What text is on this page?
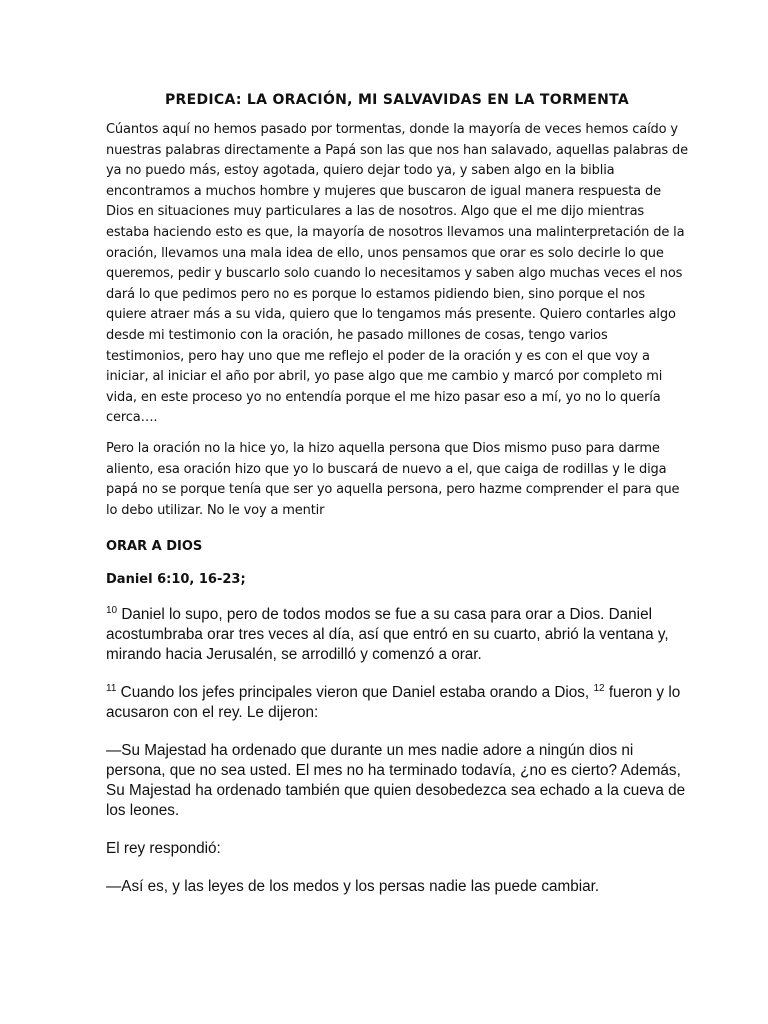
PREDICA: LA ORACIÓN, MI SALVAVIDAS EN LA TORMENTA

Cúantos aquí no hemos pasado por tormentas, donde la mayoría de veces hemos caído y nuestras palabras directamente a Papá son las que nos han salavado, aquellas palabras de ya no puedo más, estoy agotada, quiero dejar todo ya, y saben algo en la biblia encontramos a muchos hombre y mujeres que buscaron de igual manera respuesta de Dios en situaciones muy particulares a las de nosotros. Algo que el me dijo mientras estaba haciendo esto es que, la mayoría de nosotros llevamos una malinterpretación de la oración, llevamos una mala idea de ello, unos pensamos que orar es solo decirle lo que queremos, pedir y buscarlo solo cuando lo necesitamos y saben algo muchas veces el nos dará lo que pedimos pero no es porque lo estamos pidiendo bien, sino porque el nos quiere atraer más a su vida, quiero que lo tengamos más presente. Quiero contarles algo desde mi testimonio con la oración, he pasado millones de cosas, tengo varios testimonios, pero hay uno que me reflejo el poder de la oración y es con el que voy a iniciar, al iniciar el año por abril, yo pase algo que me cambio y marcó por completo mi vida, en este proceso yo no entendía porque el me hizo pasar eso a mí, yo no lo quería cerca….

Pero la oración no la hice yo, la hizo aquella persona que Dios mismo puso para darme aliento, esa oración hizo que yo lo buscará de nuevo a el, que caiga de rodillas y le diga papá no se porque tenía que ser yo aquella persona, pero hazme comprender el para que lo debo utilizar. No le voy a mentir

ORAR A DIOS
Daniel 6:10, 16-23;

$^{10}$ Daniel lo supo, pero de todos modos se fue a su casa para orar a Dios. Daniel acostumbraba orar tres veces al día, así que entró en su cuarto, abrió la ventana y, mirando hacia Jerusalén, se arrodilló y comenzó a orar.

$^{11}$ Cuando los jefes principales vieron que Daniel estaba orando a Dios, $^{12}$ fueron y lo acusaron con el rey. Le dijeron:

—Su Majestad ha ordenado que durante un mes nadie adore a ningún dios ni persona, que no sea usted. El mes no ha terminado todavía, ¿no es cierto? Además, Su Majestad ha ordenado también que quien desobedezca sea echado a la cueva de los leones.

El rey respondió:

—Así es, y las leyes de los medos y los persas nadie las puede cambiar.
